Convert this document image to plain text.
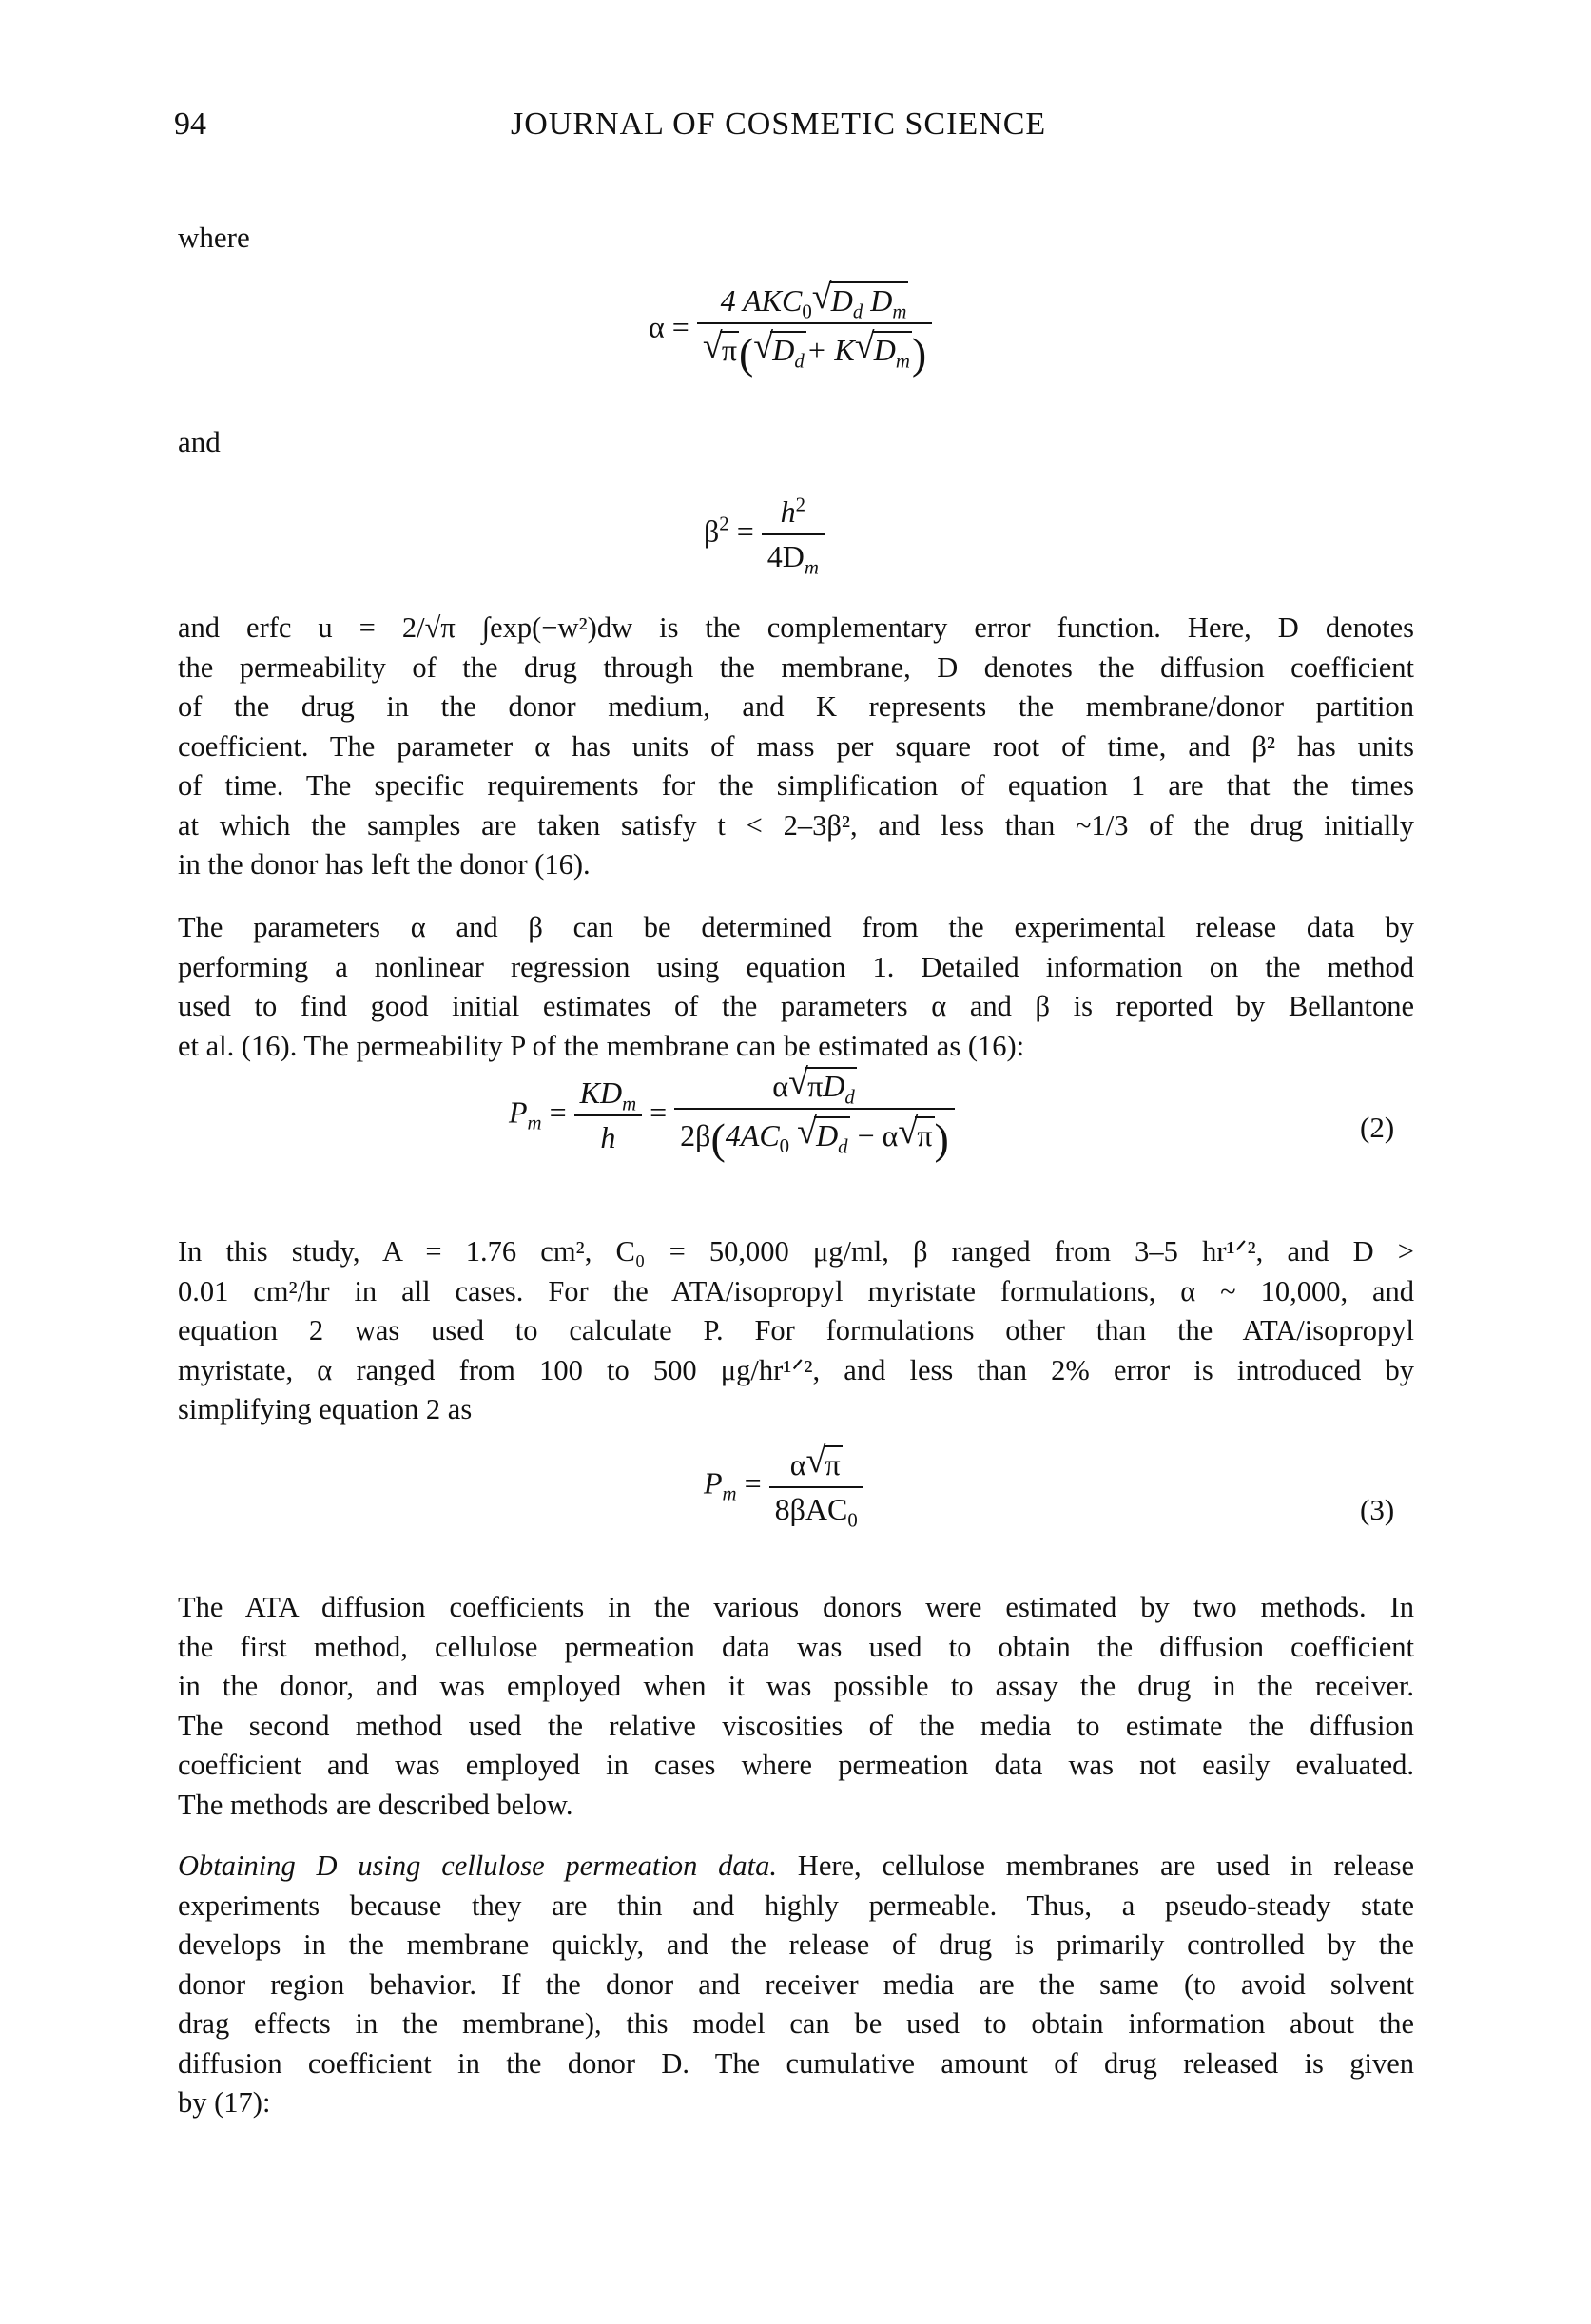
94	JOURNAL OF COSMETIC SCIENCE
where
α = 4 $AKC_0$ √ $D_d$ $D_m$
√ π( √ $D_d+ K$ √ $D_m$)
and
$\beta^2 = \frac{h^2}{4D_m}$
and erfc u = 2/√π ∫exp(−w²)dw is the complementary error function. Here, D denotes
the permeability of the drug through the membrane, D denotes the diffusion coefficient
of the drug in the donor medium, and K represents the membrane/donor partition
coefficient. The parameter α has units of mass per square root of time, and β² has units
of time. The specific requirements for the simplification of equation 1 are that the times
at which the samples are taken satisfy t < 2–3β², and less than ~1/3 of the drug initially
in the donor has left the donor (16).
The parameters α and β can be determined from the experimental release data by
performing a nonlinear regression using equation 1. Detailed information on the method
used to find good initial estimates of the parameters α and β is reported by Bellantone
et al. (16). The permeability P of the membrane can be estimated as (16):
$P_m = \frac{KD_m}{h} = \frac{\alpha √ \pi D_d}{2\beta(4AC_0 √ D_d - \alpha √ \pi)}$	(2)
In this study, A = 1.76 cm², C₀ = 50,000 μg/ml, β ranged from 3–5 hr¹ᐟ², and D >
0.01 cm²/hr in all cases. For the ATA/isopropyl myristate formulations, α ~ 10,000, and
equation 2 was used to calculate P. For formulations other than the ATA/isopropyl
myristate, α ranged from 100 to 500 μg/hr¹ᐟ², and less than 2% error is introduced by
simplifying equation 2 as
$P_m = \frac{\alpha √ \pi}{8\beta AC_0}$	(3)
The ATA diffusion coefficients in the various donors were estimated by two methods. In
the first method, cellulose permeation data was used to obtain the diffusion coefficient
in the donor, and was employed when it was possible to assay the drug in the receiver.
The second method used the relative viscosities of the media to estimate the diffusion
coefficient and was employed in cases where permeation data was not easily evaluated.
The methods are described below.
Obtaining D using cellulose permeation data. Here, cellulose membranes are used in release
experiments because they are thin and highly permeable. Thus, a pseudo-steady state
develops in the membrane quickly, and the release of drug is primarily controlled by the
donor region behavior. If the donor and receiver media are the same (to avoid solvent
drag effects in the membrane), this model can be used to obtain information about the
diffusion coefficient in the donor D. The cumulative amount of drug released is given
by (17):
